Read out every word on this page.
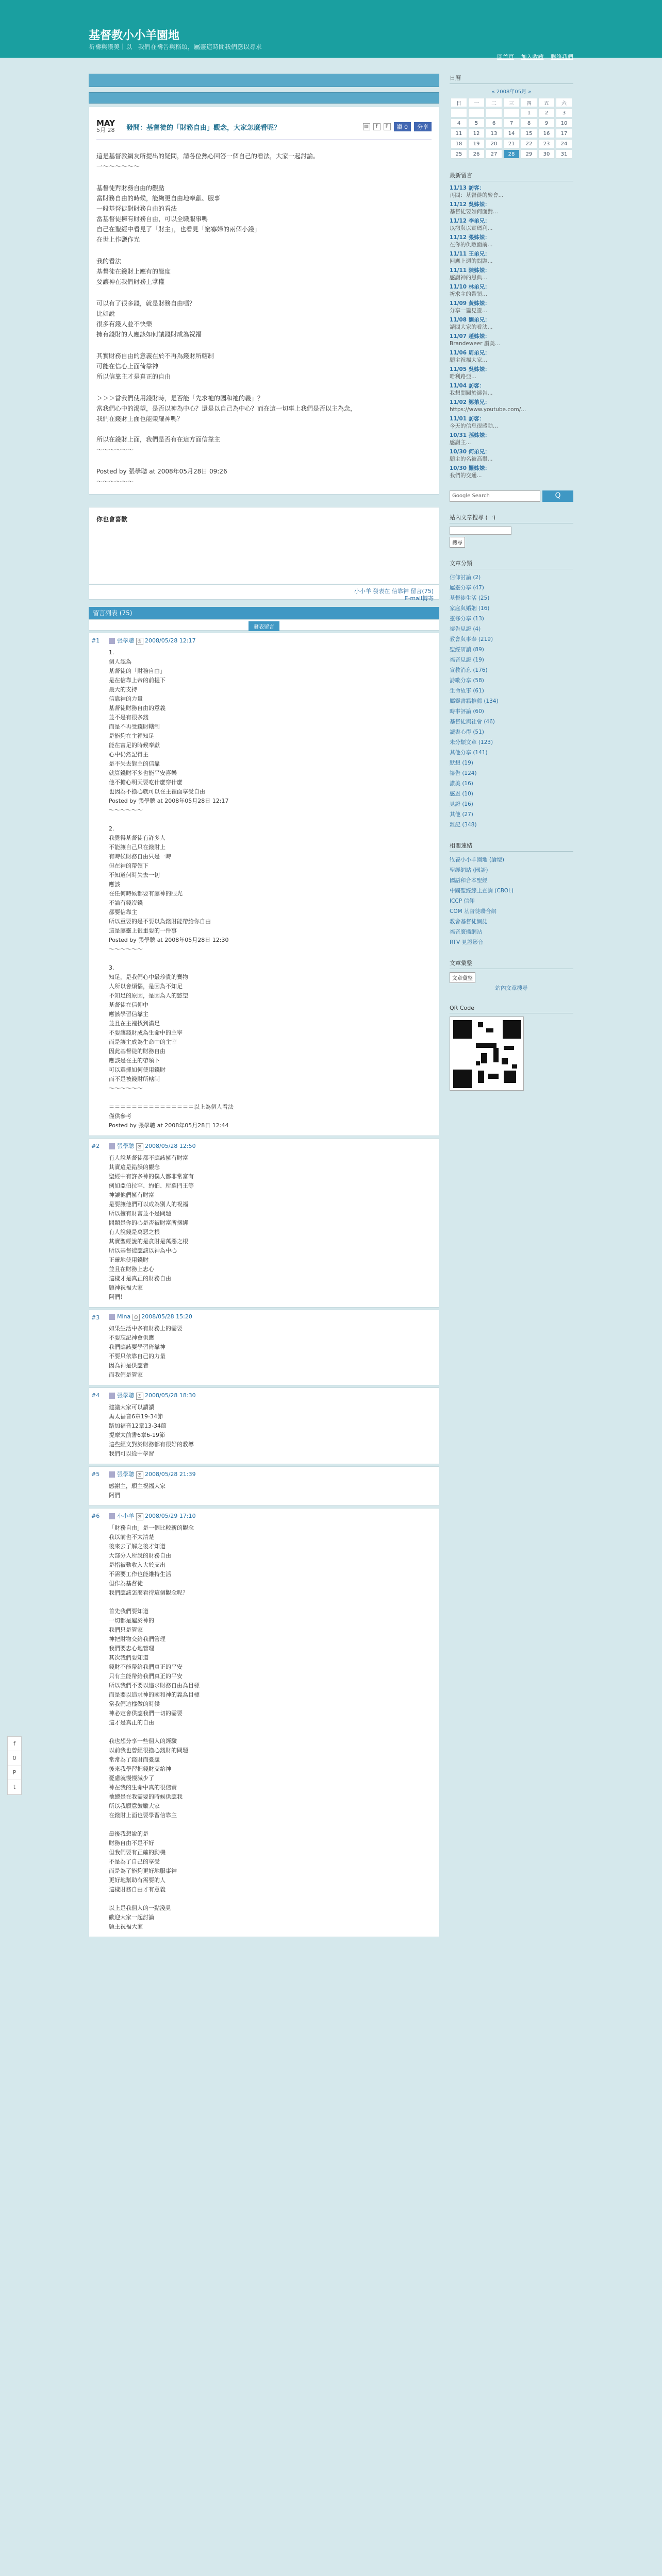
基督教小小羊園地
祈禱與讚美｜以　我們在禱告與稱頌，屬靈這時間我們應以尋求
回首頁 加入收藏 聯絡我們
MAY
5月 28	發問：基督徒的「財務自由」觀念，大家怎麼看呢？	▤	f	P	讚 0	分享

這是基督教網友所提出的疑問，請各位熱心回答一個自己的看法，大家一起討論。
一～～～～～～

基督徒對財務自由的觀點
當財務自由的時候，能夠更自由地奉獻、服事
一般基督徒對財務自由的看法
當基督徒擁有財務自由，可以全職服事嗎
自己在聖經中看見了「財主」，也看見「窮寡婦的兩個小錢」
在世上作鹽作光

我的看法
基督徒在錢財上應有的態度
要讓神在我們財務上掌權

可以有了很多錢，就是財務自由嗎？
比如說
很多有錢人並不快樂
擁有錢財的人應該如何讓錢財成為祝福

其實財務自由的意義在於不再為錢財所轄制
可能在信心上面倚靠神
所以信靠主才是真正的自由

＞＞＞當我們使用錢財時，是否能「先求祂的國和祂的義」？
當我們心中的渴望，是否以神為中心？還是以自己為中心？而在這一切事上我們是否以主為念，
我們在錢財上面也能榮耀神嗎？

所以在錢財上面，我們是否有在這方面信靠主
～～～～～～

Posted by 張學聰 at 2008年05月28日 09:26
～～～～～～

你也會喜歡
小小羊 發表在 信靠神 留言(75)
E-mail轉寄
留言列表 (75)
發表留言
#1	張學聰 ◷ 2008/05/28 12:17
1.
個人認為
基督徒的「財務自由」
是在信靠上帝的前提下
最大的支持
信靠神的力量
基督徒財務自由的意義
並不是有很多錢
而是不再受錢財轄制
是能夠在主裡知足
能在富足的時候奉獻
心中仍然記得主
是不失去對主的信靠
就算錢財不多也能平安喜樂
他不擔心明天要吃什麼穿什麼
也因為不擔心就可以在主裡面享受自由
Posted by 張學聰 at 2008年05月28日 12:17
～～～～～～

2.
我覺得基督徒有許多人
不能讓自己只在錢財上
有時候財務自由只是一時
但在神的帶領下
不知道何時失去一切
應該
在任何時候都要有屬神的眼光
不論有錢沒錢
都要信靠主
所以重要的是不要以為錢財能帶給你自由
這是屬靈上很重要的一件事
Posted by 張學聰 at 2008年05月28日 12:30
～～～～～～

3.
知足，是我們心中最珍貴的寶物
人所以會煩惱，是因為不知足
不知足的原因，是因為人的慾望
基督徒在信仰中
應該學習信靠主
並且在主裡找到滿足
不要讓錢財成為生命中的主宰
而是讓主成為生命中的主宰
因此基督徒的財務自由
應該是在主的帶領下
可以選擇如何使用錢財
而不是被錢財所轄制
～～～～～～

＝＝＝＝＝＝＝＝＝＝＝＝＝＝＝以上為個人看法
僅供參考
Posted by 張學聰 at 2008年05月28日 12:44
#2	張學聰 ◷ 2008/05/28 12:50
有人說基督徒都不應該擁有財富
其實這是錯誤的觀念
聖經中有許多神的僕人都非常富有
例如亞伯拉罕、約伯、所羅門王等
神讓他們擁有財富
是要讓他們可以成為別人的祝福
所以擁有財富並不是問題
問題是你的心是否被財富所捆綁
有人說錢是萬惡之根
其實聖經說的是貪財是萬惡之根
所以基督徒應該以神為中心
正確地使用錢財
並且在財務上忠心
這樣才是真正的財務自由
願神祝福大家
阿們！
#3	Mina ◷ 2008/05/28 15:20
如果生活中多有財務上的需要
不要忘記神會供應
我們應該要學習倚靠神
不要只依靠自己的力量
因為神是供應者
而我們是管家
#4	張學聰 ◷ 2008/05/28 18:30
建議大家可以讀讀
馬太福音6章19-34節
路加福音12章13-34節
提摩太前書6章6-19節
這些經文對於財務都有很好的教導
我們可以從中學習
#5	張學聰 ◷ 2008/05/28 21:39
感謝主，願主祝福大家
阿們
#6	小小羊 ◷ 2008/05/29 17:10
「財務自由」是一個比較新的觀念
我以前也不太清楚
後來去了解之後才知道
大部分人所說的財務自由
是指被動收入大於支出
不需要工作也能維持生活
但作為基督徒
我們應該怎麼看待這個觀念呢？

首先我們要知道
一切都是屬於神的
我們只是管家
神把財物交給我們管理
我們要忠心地管理
其次我們要知道
錢財不能帶給我們真正的平安
只有主能帶給我們真正的平安
所以我們不要以追求財務自由為目標
而是要以追求神的國和神的義為目標
當我們這樣做的時候
神必定會供應我們一切的需要
這才是真正的自由

我也想分享一些個人的經驗
以前我也曾經很擔心錢財的問題
常常為了錢財而憂慮
後來我學習把錢財交給神
憂慮就慢慢減少了
神在我的生命中真的很信實
祂總是在我需要的時候供應我
所以我願意鼓勵大家
在錢財上面也要學習信靠主

最後我想說的是
財務自由不是不好
但我們要有正確的動機
不是為了自己的享受
而是為了能夠更好地服事神
更好地幫助有需要的人
這樣財務自由才有意義

以上是我個人的一點淺見
歡迎大家一起討論
願主祝福大家
日曆
« 2008年05月 »
日	一	二	三	四	五	六
				1	2	3
4	5	6	7	8	9	10
11	12	13	14	15	16	17
18	19	20	21	22	23	24
25	26	27	28	29	30	31
最新留言
11/13 訪客：
再問：基督徒的聚會...
11/12 吳姊妹：
基督徒要如何面對...
11/12 李弟兄：
以撒與以實瑪利...
11/12 張姊妹：
在你的仇敵面前...
11/11 王弟兄：
回應上週的問題...
11/11 陳姊妹：
感謝神的恩典...
11/10 林弟兄：
祈求主的帶領...
11/09 黃姊妹：
分享一篇見證...
11/08 劉弟兄：
請問大家的看法...
11/07 趙姊妹：
Brandeweer 讚美...
11/06 周弟兄：
願主祝福大家...
11/05 吳姊妹：
哈利路亞...
11/04 訪客：
我想問關於禱告...
11/02 鄭弟兄：
https://www.youtube.com/...
11/01 訪客：
今天的信息很感動...
10/31 孫姊妹：
感謝主...
10/30 何弟兄：
願主的名被高舉...
10/30 羅姊妹：
我們的交通...
Google Search	Q
站內文章搜尋 (一)
搜尋
文章分類
信仰討論 (2)
屬靈分享 (47)
基督徒生活 (25)
家庭與婚姻 (16)
靈修分享 (13)
禱告見證 (4)
教會與事奉 (219)
聖經研讀 (89)
福音見證 (19)
宣教消息 (176)
詩歌分享 (58)
生命故事 (61)
屬靈書籍推薦 (134)
時事評論 (60)
基督徒與社會 (46)
讀書心得 (51)
未分類文章 (123)
其他分享 (141)
默想 (19)
禱告 (124)
讚美 (16)
感恩 (10)
見證 (16)
其他 (27)
雜記 (348)
相關連結
牧養小小羊園地 (論壇)
聖經網站 (國語)
國語和合本聖經
中國聖經線上查詢 (CBOL)
ICCP 信仰
COM 基督徒聯合網
教會基督徒網誌
福音廣播網站
RTV 見證影音
文章彙整
文章彙整
站內文章搜尋
QR Code
f
0
P
t
